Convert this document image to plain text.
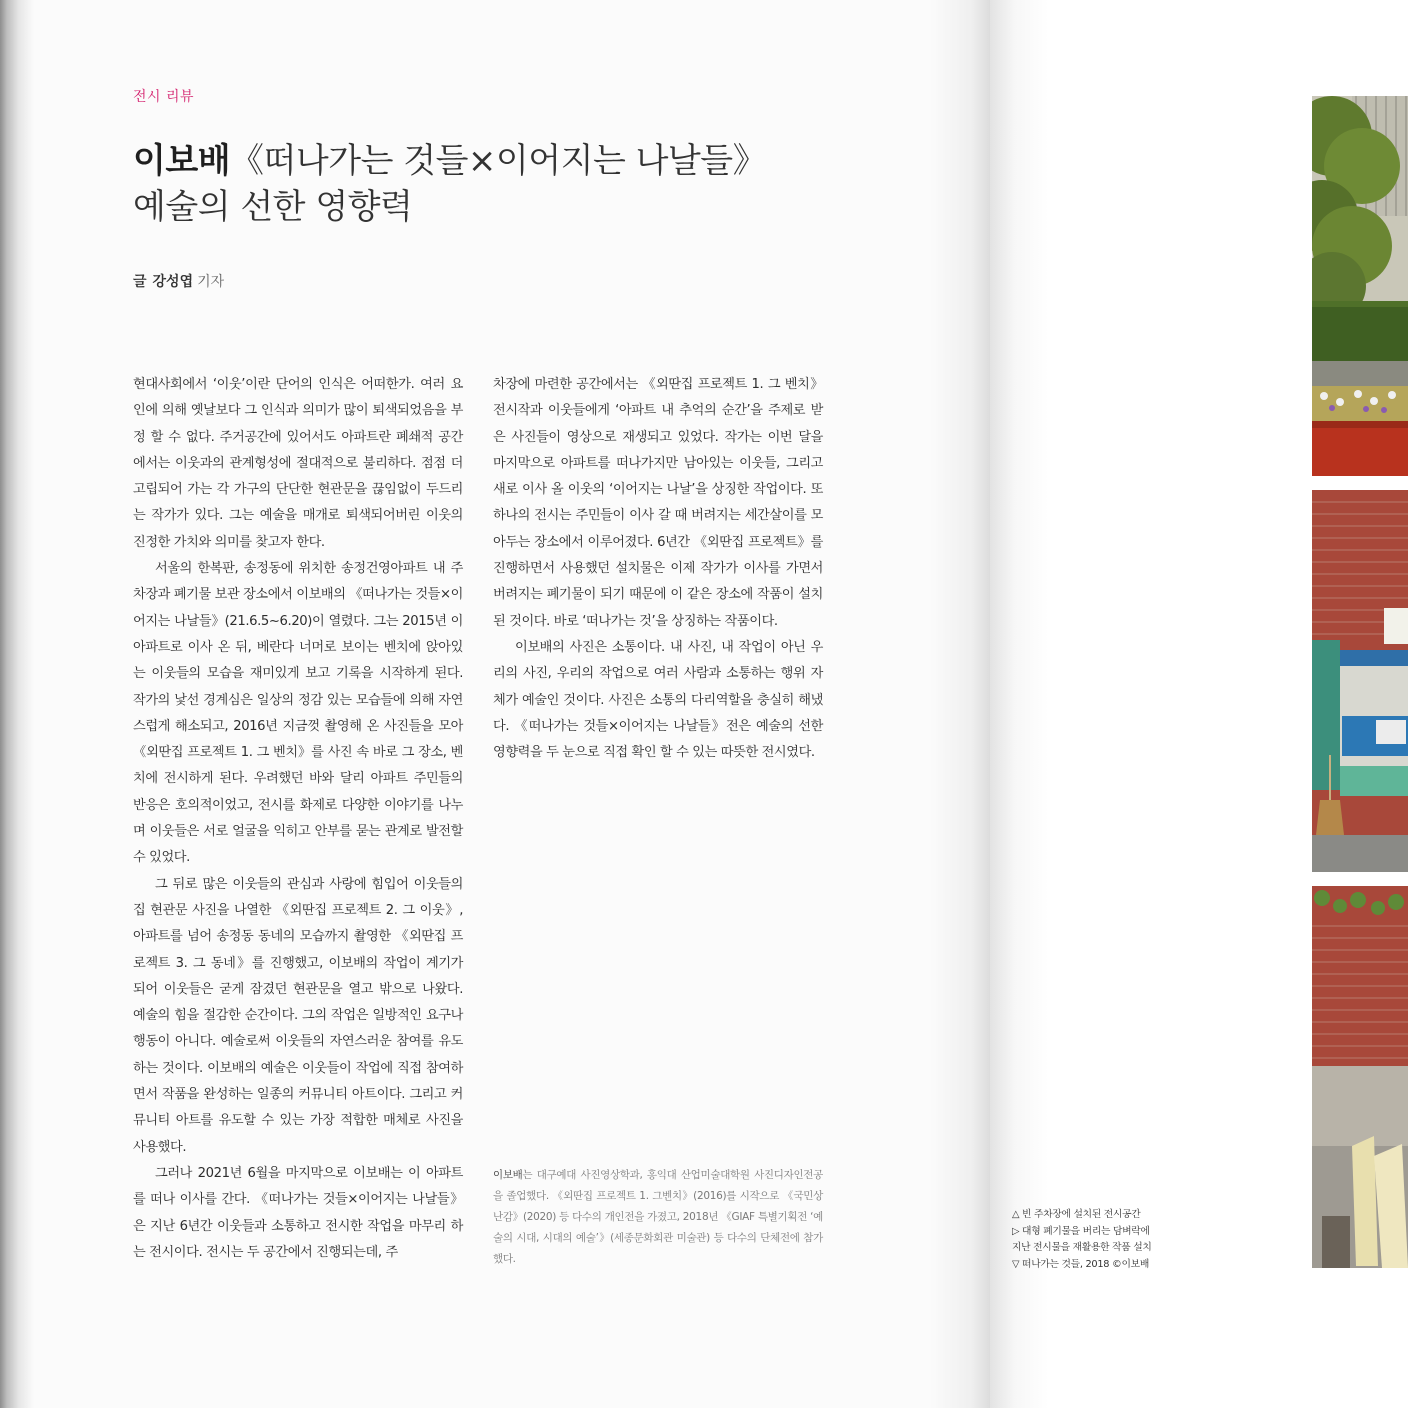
전시 리뷰
이보배《떠나가는 것들×이어지는 나날들》
예술의 선한 영향력
글 강성엽 기자

현대사회에서 ‘이웃’이란 단어의 인식은 어떠한가. 여러 요인에 의해 옛날보다 그 인식과 의미가 많이 퇴색되었음을 부정 할 수 없다. 주거공간에 있어서도 아파트란 폐쇄적 공간에서는 이웃과의 관계형성에 절대적으로 불리하다. 점점 더 고립되어 가는 각 가구의 단단한 현관문을 끊임없이 두드리는 작가가 있다. 그는 예술을 매개로 퇴색되어버린 이웃의 진정한 가치와 의미를 찾고자 한다.

서울의 한복판, 송정동에 위치한 송정건영아파트 내 주차장과 폐기물 보관 장소에서 이보배의 《떠나가는 것들×이어지는 나날들》(21.6.5~6.20)이 열렸다. 그는 2015년 이 아파트로 이사 온 뒤, 베란다 너머로 보이는 벤치에 앉아있는 이웃들의 모습을 재미있게 보고 기록을 시작하게 된다. 작가의 낯선 경계심은 일상의 정감 있는 모습들에 의해 자연스럽게 해소되고, 2016년 지금껏 촬영해 온 사진들을 모아 《외딴집 프로젝트 1. 그 벤치》를 사진 속 바로 그 장소, 벤치에 전시하게 된다. 우려했던 바와 달리 아파트 주민들의 반응은 호의적이었고, 전시를 화제로 다양한 이야기를 나누며 이웃들은 서로 얼굴을 익히고 안부를 묻는 관계로 발전할 수 있었다.

그 뒤로 많은 이웃들의 관심과 사랑에 힘입어 이웃들의 집 현관문 사진을 나열한 《외딴집 프로젝트 2. 그 이웃》, 아파트를 넘어 송정동 동네의 모습까지 촬영한 《외딴집 프로젝트 3. 그 동네》를 진행했고, 이보배의 작업이 계기가 되어 이웃들은 굳게 잠겼던 현관문을 열고 밖으로 나왔다. 예술의 힘을 절감한 순간이다. 그의 작업은 일방적인 요구나 행동이 아니다. 예술로써 이웃들의 자연스러운 참여를 유도하는 것이다. 이보배의 예술은 이웃들이 작업에 직접 참여하면서 작품을 완성하는 일종의 커뮤니티 아트이다. 그리고 커뮤니티 아트를 유도할 수 있는 가장 적합한 매체로 사진을 사용했다.

그러나 2021년 6월을 마지막으로 이보배는 이 아파트를 떠나 이사를 간다. 《떠나가는 것들×이어지는 나날들》은 지난 6년간 이웃들과 소통하고 전시한 작업을 마무리 하는 전시이다. 전시는 두 공간에서 진행되는데, 주

차장에 마련한 공간에서는 《외딴집 프로젝트 1. 그 벤치》 전시작과 이웃들에게 ‘아파트 내 추억의 순간’을 주제로 받은 사진들이 영상으로 재생되고 있었다. 작가는 이번 달을 마지막으로 아파트를 떠나가지만 남아있는 이웃들, 그리고 새로 이사 올 이웃의 ‘이어지는 나날’을 상징한 작업이다. 또 하나의 전시는 주민들이 이사 갈 때 버려지는 세간살이를 모아두는 장소에서 이루어졌다. 6년간 《외딴집 프로젝트》를 진행하면서 사용했던 설치물은 이제 작가가 이사를 가면서 버려지는 폐기물이 되기 때문에 이 같은 장소에 작품이 설치된 것이다. 바로 ‘떠나가는 것’을 상징하는 작품이다.

이보배의 사진은 소통이다. 내 사진, 내 작업이 아닌 우리의 사진, 우리의 작업으로 여러 사람과 소통하는 행위 자체가 예술인 것이다. 사진은 소통의 다리역할을 충실히 해냈다. 《떠나가는 것들×이어지는 나날들》전은 예술의 선한 영향력을 두 눈으로 직접 확인 할 수 있는 따뜻한 전시였다.

이보배는 대구예대 사진영상학과, 홍익대 산업미술대학원 사진디자인전공을 졸업했다. 《외딴집 프로젝트 1. 그벤치》(2016)를 시작으로 《국민상난감》(2020) 등 다수의 개인전을 가졌고, 2018년 《GIAF 특별기획전 ‘예술의 시대, 시대의 예술’》(세종문화회관 미술관) 등 다수의 단체전에 참가했다.
△ 빈 주차장에 설치된 전시공간
▷ 대형 폐기물을 버리는 담벼락에
지난 전시물을 재활용한 작품 설치
▽ 떠나가는 것들, 2018 ©이보배
